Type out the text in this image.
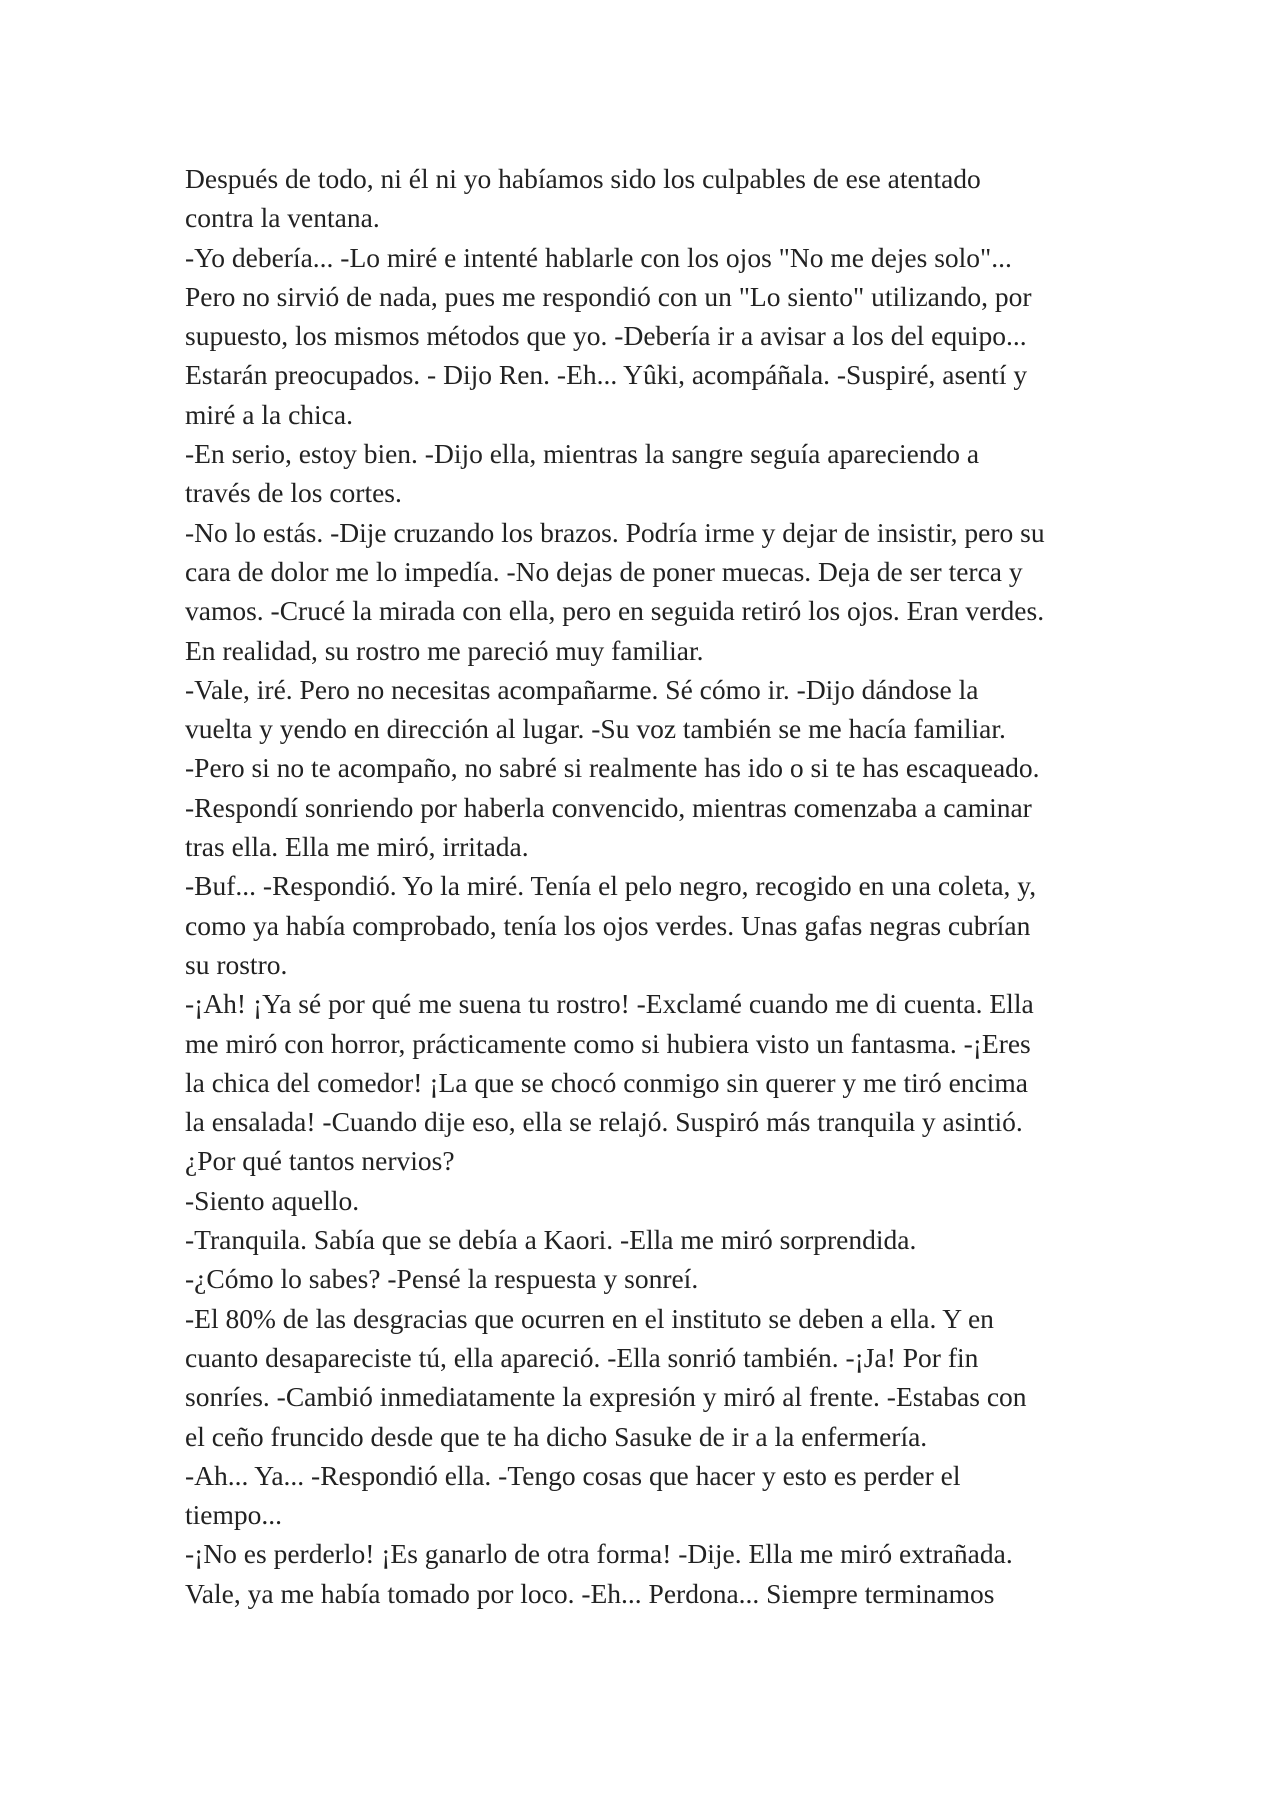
Después de todo, ni él ni yo habíamos sido los culpables de ese atentado
contra la ventana.
-Yo debería... -Lo miré e intenté hablarle con los ojos "No me dejes solo"...
Pero no sirvió de nada, pues me respondió con un "Lo siento" utilizando, por
supuesto, los mismos métodos que yo. -Debería ir a avisar a los del equipo...
Estarán preocupados. - Dijo Ren. -Eh... Yûki, acompáñala. -Suspiré, asentí y
miré a la chica.
-En serio, estoy bien. -Dijo ella, mientras la sangre seguía apareciendo a
través de los cortes.
-No lo estás. -Dije cruzando los brazos. Podría irme y dejar de insistir, pero su
cara de dolor me lo impedía. -No dejas de poner muecas. Deja de ser terca y
vamos. -Crucé la mirada con ella, pero en seguida retiró los ojos. Eran verdes.
En realidad, su rostro me pareció muy familiar.
-Vale, iré. Pero no necesitas acompañarme. Sé cómo ir. -Dijo dándose la
vuelta y yendo en dirección al lugar. -Su voz también se me hacía familiar.
-Pero si no te acompaño, no sabré si realmente has ido o si te has escaqueado.
-Respondí sonriendo por haberla convencido, mientras comenzaba a caminar
tras ella. Ella me miró, irritada.
-Buf... -Respondió. Yo la miré. Tenía el pelo negro, recogido en una coleta, y,
como ya había comprobado, tenía los ojos verdes. Unas gafas negras cubrían
su rostro.
-¡Ah! ¡Ya sé por qué me suena tu rostro! -Exclamé cuando me di cuenta. Ella
me miró con horror, prácticamente como si hubiera visto un fantasma. -¡Eres
la chica del comedor! ¡La que se chocó conmigo sin querer y me tiró encima
la ensalada! -Cuando dije eso, ella se relajó. Suspiró más tranquila y asintió.
¿Por qué tantos nervios?
-Siento aquello.
-Tranquila. Sabía que se debía a Kaori. -Ella me miró sorprendida.
-¿Cómo lo sabes? -Pensé la respuesta y sonreí.
-El 80% de las desgracias que ocurren en el instituto se deben a ella. Y en
cuanto desapareciste tú, ella apareció. -Ella sonrió también. -¡Ja! Por fin
sonríes. -Cambió inmediatamente la expresión y miró al frente. -Estabas con
el ceño fruncido desde que te ha dicho Sasuke de ir a la enfermería.
-Ah... Ya... -Respondió ella. -Tengo cosas que hacer y esto es perder el
tiempo...
-¡No es perderlo! ¡Es ganarlo de otra forma! -Dije. Ella me miró extrañada.
Vale, ya me había tomado por loco. -Eh... Perdona... Siempre terminamos
